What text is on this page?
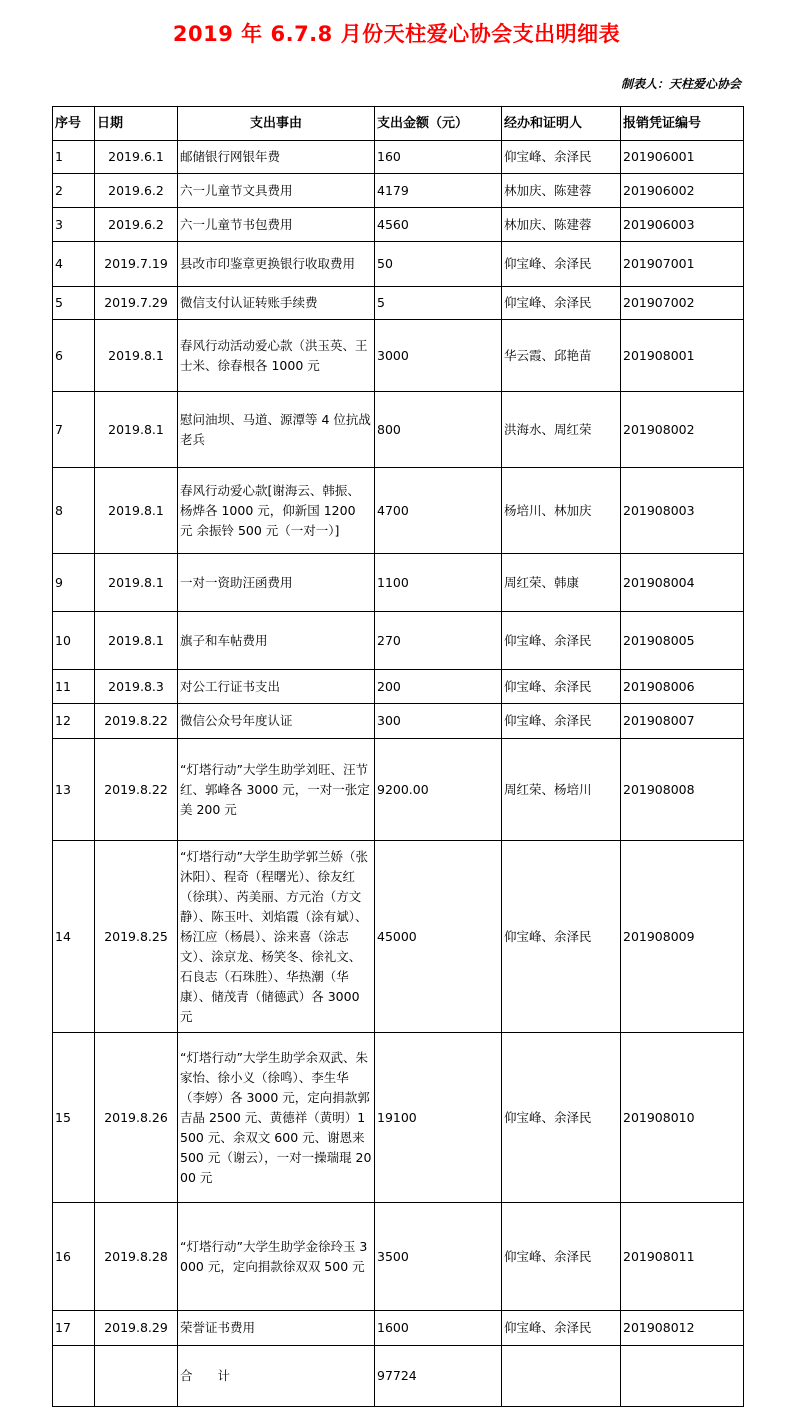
2019 年 6.7.8 月份天柱爱心协会支出明细表
制表人：天柱爱心协会
序号	日期	支出事由	支出金额（元）	经办和证明人	报销凭证编号
1	2019.6.1	邮储银行网银年费	160	仰宝峰、余泽民	201906001
2	2019.6.2	六一儿童节文具费用	4179	林加庆、陈建蓉	201906002
3	2019.6.2	六一儿童节书包费用	4560	林加庆、陈建蓉	201906003
4	2019.7.19	县改市印鉴章更换银行收取费用	50	仰宝峰、余泽民	201907001
5	2019.7.29	微信支付认证转账手续费	5	仰宝峰、余泽民	201907002
6	2019.8.1	春风行动活动爱心款（洪玉英、王士米、徐春根各 1000 元	3000	华云霞、邱艳苗	201908001
7	2019.8.1	慰问油坝、马道、源潭等 4 位抗战老兵	800	洪海水、周红荣	201908002
8	2019.8.1	春风行动爱心款[谢海云、韩振、杨烨各 1000 元，仰新国 1200 元 余振铃 500 元（一对一）]	4700	杨培川、林加庆	201908003
9	2019.8.1	一对一资助汪函费用	1100	周红荣、韩康	201908004
10	2019.8.1	旗子和车帖费用	270	仰宝峰、余泽民	201908005
11	2019.8.3	对公工行证书支出	200	仰宝峰、余泽民	201908006
12	2019.8.22	微信公众号年度认证	300	仰宝峰、余泽民	201908007
13	2019.8.22	“灯塔行动”大学生助学刘旺、汪节红、郭峰各 3000 元，一对一张定美 200 元	9200.00	周红荣、杨培川	201908008
14	2019.8.25	“灯塔行动”大学生助学郭兰娇（张沐阳）、程奇（程曙光）、徐友红（徐琪）、芮美丽、方元治（方文静）、陈玉叶、刘焰霞（涂有斌）、杨江应（杨晨）、涂来喜（涂志文）、涂京龙、杨笑冬、徐礼文、石良志（石珠胜）、华热潮（华康）、储茂青（储德武）各 3000 元	45000	仰宝峰、余泽民	201908009
15	2019.8.26	“灯塔行动”大学生助学余双武、朱家怡、徐小义（徐鸣）、李生华（李婷）各 3000 元，定向捐款郭吉晶 2500 元、黄德祥（黄明）1500 元、余双文 600 元、谢恩来 500 元（谢云），一对一操瑞琨 2000 元	19100	仰宝峰、余泽民	201908010
16	2019.8.28	“灯塔行动”大学生助学金徐玲玉 3000 元，定向捐款徐双双 500 元	3500	仰宝峰、余泽民	201908011
17	2019.8.29	荣誉证书费用	1600	仰宝峰、余泽民	201908012
		合　　计	97724		
